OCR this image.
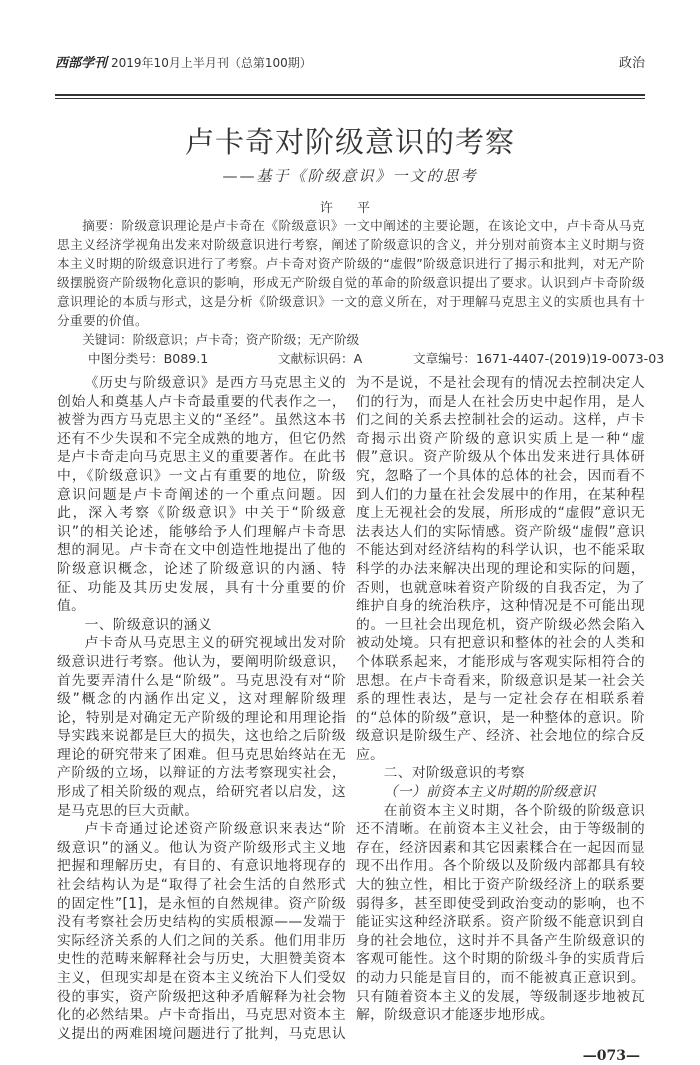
西部学刊 2019年10月上半月刊（总第100期）	政治
卢卡奇对阶级意识的考察
——基于《阶级意识》一文的思考
许 平
摘要：阶级意识理论是卢卡奇在《阶级意识》一文中阐述的主要论题，在该论文中，卢卡奇从马克思主义经济学视角出发来对阶级意识进行考察，阐述了阶级意识的含义，并分别对前资本主义时期与资本主义时期的阶级意识进行了考察。卢卡奇对资产阶级的“虚假”阶级意识进行了揭示和批判，对无产阶级摆脱资产阶级物化意识的影响，形成无产阶级自觉的革命的阶级意识提出了要求。认识到卢卡奇阶级意识理论的本质与形式，这是分析《阶级意识》一文的意义所在，对于理解马克思主义的实质也具有十分重要的价值。
关键词：阶级意识；卢卡奇；资产阶级；无产阶级
中图分类号：B089.1	文献标识码：A	文章编号：1671-4407-(2019)19-0073-03

《历史与阶级意识》是西方马克思主义的创始人和奠基人卢卡奇最重要的代表作之一，被誉为西方马克思主义的“圣经”。虽然这本书还有不少失误和不完全成熟的地方，但它仍然是卢卡奇走向马克思主义的重要著作。在此书中，《阶级意识》一文占有重要的地位，阶级意识问题是卢卡奇阐述的一个重点问题。因此，深入考察《阶级意识》中关于“阶级意识”的相关论述，能够给予人们理解卢卡奇思想的洞见。卢卡奇在文中创造性地提出了他的阶级意识概念，论述了阶级意识的内涵、特征、功能及其历史发展，具有十分重要的价值。

一、阶级意识的涵义

卢卡奇从马克思主义的研究视域出发对阶级意识进行考察。他认为，要阐明阶级意识，首先要弄清什么是“阶级”。马克思没有对“阶级”概念的内涵作出定义，这对理解阶级理论，特别是对确定无产阶级的理论和用理论指导实践来说都是巨大的损失，这也给之后阶级理论的研究带来了困难。但马克思始终站在无产阶级的立场，以辩证的方法考察现实社会，形成了相关阶级的观点，给研究者以启发，这是马克思的巨大贡献。

卢卡奇通过论述资产阶级意识来表达“阶级意识”的涵义。他认为资产阶级形式主义地把握和理解历史，有目的、有意识地将现存的社会结构认为是“取得了社会生活的自然形式的固定性”[1]，是永恒的自然规律。资产阶级没有考察社会历史结构的实质根源——发端于实际经济关系的人们之间的关系。他们用非历史性的范畴来解释社会与历史，大胆赞美资本主义，但现实却是在资本主义统治下人们受奴役的事实，资产阶级把这种矛盾解释为社会物化的必然结果。卢卡奇指出，马克思对资本主义提出的两难困境问题进行了批判，马克思认为不是说，不是社会现有的情况去控制决定人们的行为，而是人在社会历史中起作用，是人们之间的关系去控制社会的运动。这样，卢卡奇揭示出资产阶级的意识实质上是一种“虚假”意识。资产阶级从个体出发来进行具体研究，忽略了一个具体的总体的社会，因而看不到人们的力量在社会发展中的作用，在某种程度上无视社会的发展，所形成的“虚假”意识无法表达人们的实际情感。资产阶级“虚假”意识不能达到对经济结构的科学认识，也不能采取科学的办法来解决出现的理论和实际的问题，否则，也就意味着资产阶级的自我否定，为了维护自身的统治秩序，这种情况是不可能出现的。一旦社会出现危机，资产阶级必然会陷入被动处境。只有把意识和整体的社会的人类和个体联系起来，才能形成与客观实际相符合的思想。在卢卡奇看来，阶级意识是某一社会关系的理性表达，是与一定社会存在相联系着的“总体的阶级”意识，是一种整体的意识。阶级意识是阶级生产、经济、社会地位的综合反应。

二、对阶级意识的考察
（一）前资本主义时期的阶级意识

在前资本主义时期，各个阶级的阶级意识还不清晰。在前资本主义社会，由于等级制的存在，经济因素和其它因素糅合在一起因而显现不出作用。各个阶级以及阶级内部都具有较大的独立性，相比于资产阶级经济上的联系要弱得多，甚至即使受到政治变动的影响，也不能证实这种经济联系。资产阶级不能意识到自身的社会地位，这时并不具备产生阶级意识的客观可能性。这个时期的阶级斗争的实质背后的动力只能是盲目的，而不能被真正意识到。只有随着资本主义的发展，等级制逐步地被瓦解，阶级意识才能逐步地形成。

—073—
